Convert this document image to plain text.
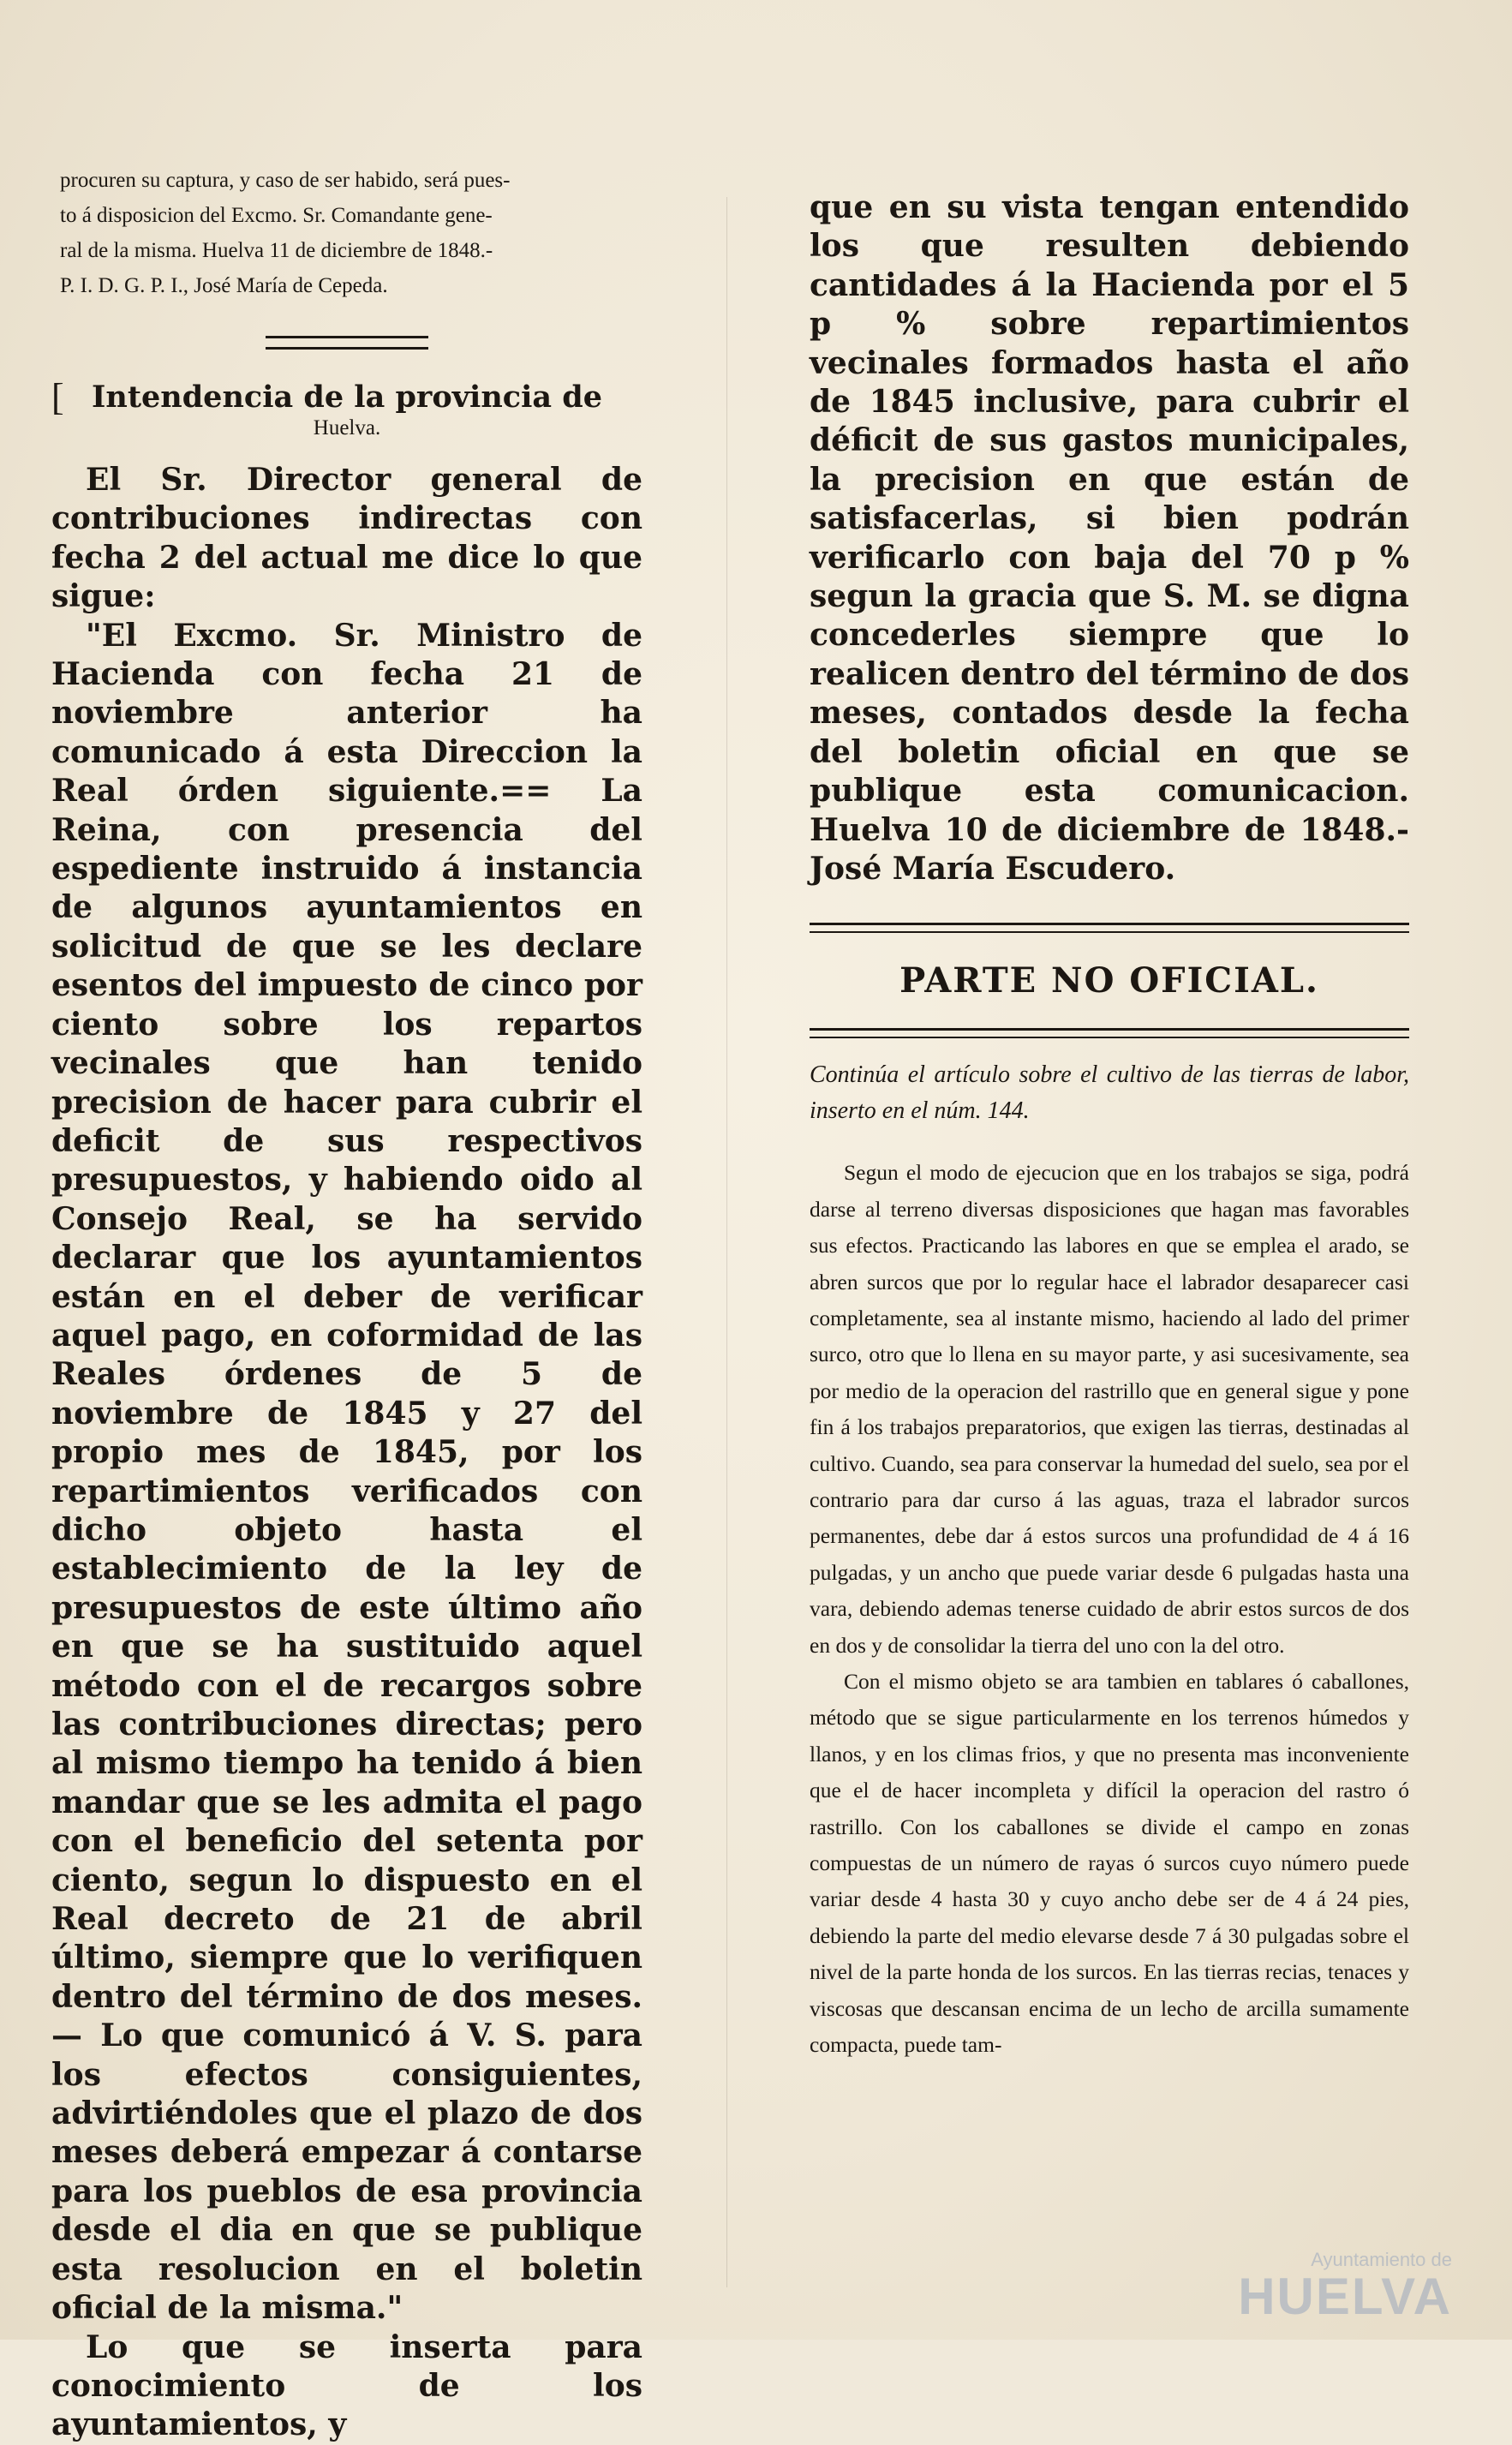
procuren su captura, y caso de ser habido, será pues-

to á disposicion del Excmo. Sr. Comandante gene-

ral de la misma. Huelva 11 de diciembre de 1848.-

P. I. D. G. P. I., José María de Cepeda.

[ Intendencia de la provincia de

Huelva.

El Sr. Director general de contribuciones indirectas con fecha 2 del actual me dice lo que sigue:

"El Excmo. Sr. Ministro de Hacienda con fecha 21 de noviembre anterior ha comunicado á esta Direccion la Real órden siguiente.== La Reina, con presencia del espediente instruido á instancia de algunos ayuntamientos en solicitud de que se les declare esentos del impuesto de cinco por ciento sobre los repartos vecinales que han tenido precision de hacer para cubrir el deficit de sus respectivos presupuestos, y habiendo oido al Consejo Real, se ha servido declarar que los ayuntamientos están en el deber de verificar aquel pago, en coformidad de las Reales órdenes de 5 de noviembre de 1845 y 27 del propio mes de 1845, por los repartimientos verificados con dicho objeto hasta el establecimiento de la ley de presupuestos de este último año en que se ha sustituido aquel método con el de recargos sobre las contribuciones directas; pero al mismo tiempo ha tenido á bien mandar que se les admita el pago con el beneficio del setenta por ciento, segun lo dispuesto en el Real decreto de 21 de abril último, siempre que lo verifiquen dentro del término de dos meses.— Lo que comunicó á V. S. para los efectos consiguientes, advirtiéndoles que el plazo de dos meses deberá empezar á contarse para los pueblos de esa provincia desde el dia en que se publique esta resolucion en el boletin oficial de la misma."

Lo que se inserta para conocimiento de los ayuntamientos, y

que en su vista tengan entendido los que resulten debiendo cantidades á la Hacienda por el 5 p % sobre repartimientos vecinales formados hasta el año de 1845 inclusive, para cubrir el déficit de sus gastos municipales, la precision en que están de satisfacerlas, si bien podrán verificarlo con baja del 70 p % segun la gracia que S. M. se digna concederles siempre que lo realicen dentro del término de dos meses, contados desde la fecha del boletin oficial en que se publique esta comunicacion. Huelva 10 de diciembre de 1848.- José María Escudero.

PARTE NO OFICIAL.

Continúa el artículo sobre el cultivo de las tierras de labor, inserto en el núm. 144.

Segun el modo de ejecucion que en los trabajos se siga, podrá darse al terreno diversas disposiciones que hagan mas favorables sus efectos. Practicando las labores en que se emplea el arado, se abren surcos que por lo regular hace el labrador desaparecer casi completamente, sea al instante mismo, haciendo al lado del primer surco, otro que lo llena en su mayor parte, y asi sucesivamente, sea por medio de la operacion del rastrillo que en general sigue y pone fin á los trabajos preparatorios, que exigen las tierras, destinadas al cultivo. Cuando, sea para conservar la humedad del suelo, sea por el contrario para dar curso á las aguas, traza el labrador surcos permanentes, debe dar á estos surcos una profundidad de 4 á 16 pulgadas, y un ancho que puede variar desde 6 pulgadas hasta una vara, debiendo ademas tenerse cuidado de abrir estos surcos de dos en dos y de consolidar la tierra del uno con la del otro.

Con el mismo objeto se ara tambien en tablares ó caballones, método que se sigue particularmente en los terrenos húmedos y llanos, y en los climas frios, y que no presenta mas inconveniente que el de hacer incompleta y difícil la operacion del rastro ó rastrillo. Con los caballones se divide el campo en zonas compuestas de un número de rayas ó surcos cuyo número puede variar desde 4 hasta 30 y cuyo ancho debe ser de 4 á 24 pies, debiendo la parte del medio elevarse desde 7 á 30 pulgadas sobre el nivel de la parte honda de los surcos. En las tierras recias, tenaces y viscosas que descansan encima de un lecho de arcilla sumamente compacta, puede tam-

Ayuntamiento de
HUELVA
